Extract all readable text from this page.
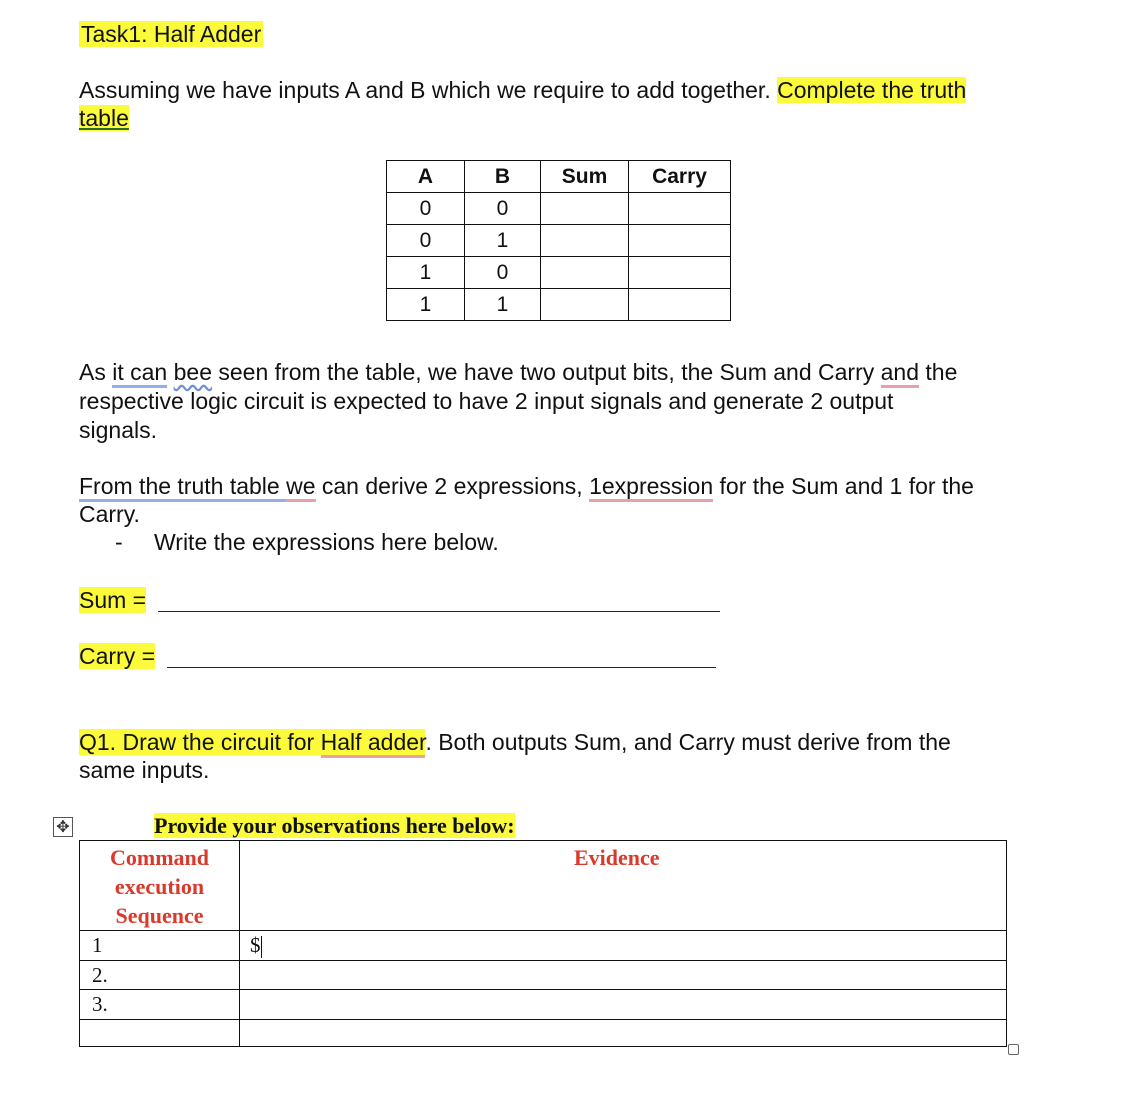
Task1: Half Adder
Assuming we have inputs A and B which we require to add together. Complete the truth
table
A	B	Sum	Carry
0	0		
0	1		
1	0		
1	1		
As it can bee seen from the table, we have two output bits, the Sum and Carry and the
respective logic circuit is expected to have 2 input signals and generate 2 output
signals.
From the truth table we can derive 2 expressions, 1expression for the Sum and 1 for the
Carry.
- Write the expressions here below.
Sum =
Carry =
Q1. Draw the circuit for Half adder. Both outputs Sum, and Carry must derive from the
same inputs.
✥	Provide your observations here below:
Command
execution
Sequence	Evidence

1	$
2.	
3.	
